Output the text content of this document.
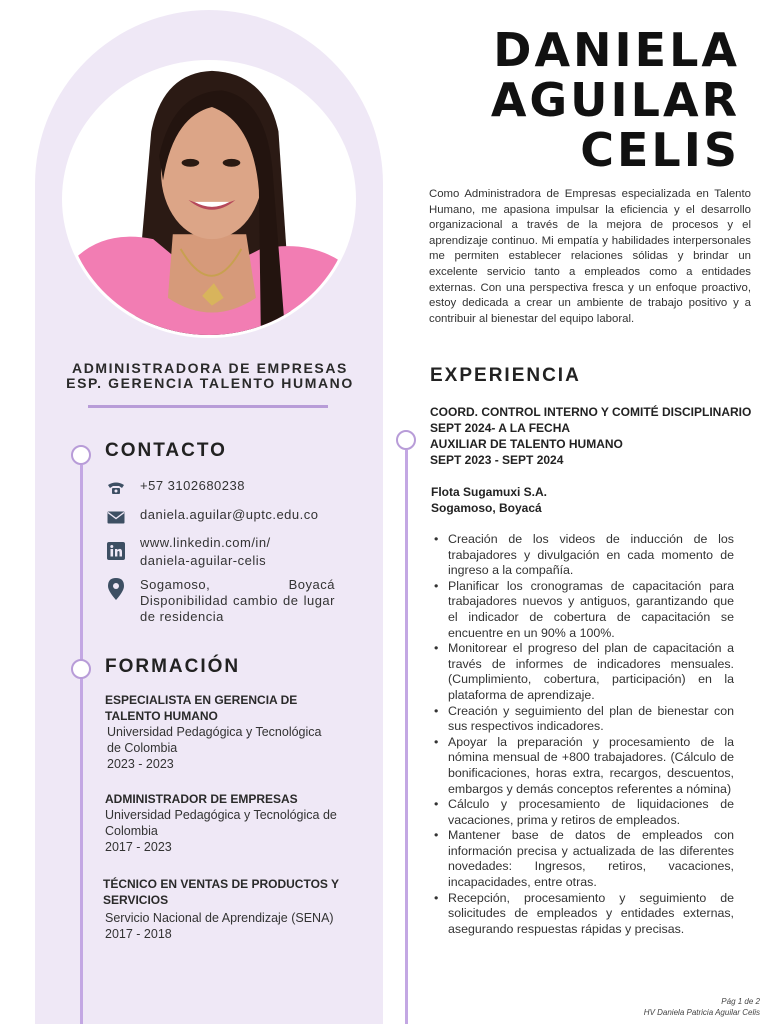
ADMINISTRADORA DE EMPRESAS
ESP. GERENCIA TALENTO HUMANO
CONTACTO
+57 3102680238
daniela.aguilar@uptc.edu.co
www.linkedin.com/in/
daniela-aguilar-celis
Sogamoso, Boyacá Disponibilidad cambio de lugar de residencia
FORMACIÓN
ESPECIALISTA EN GERENCIA DE TALENTO HUMANO
Universidad Pedagógica y Tecnológica de Colombia
2023 - 2023
ADMINISTRADOR DE EMPRESAS
Universidad Pedagógica y Tecnológica de Colombia
2017 - 2023
TÉCNICO EN VENTAS DE PRODUCTOS Y SERVICIOS
Servicio Nacional de Aprendizaje (SENA)
2017 - 2018
DANIELA
AGUILAR
CELIS
Como Administradora de Empresas especializada en Talento Humano, me apasiona impulsar la eficiencia y el desarrollo organizacional a través de la mejora de procesos y el aprendizaje continuo. Mi empatía y habilidades interpersonales me permiten establecer relaciones sólidas y brindar un excelente servicio tanto a empleados como a entidades externas. Con una perspectiva fresca y un enfoque proactivo, estoy dedicada a crear un ambiente de trabajo positivo y a contribuir al bienestar del equipo laboral.
EXPERIENCIA
COORD. CONTROL INTERNO Y COMITÉ DISCIPLINARIO
SEPT 2024- A LA FECHA
AUXILIAR DE TALENTO HUMANO
SEPT 2023 - SEPT 2024
Flota Sugamuxi S.A.
Sogamoso, Boyacá
• Creación de los videos de inducción de los trabajadores y divulgación en cada momento de ingreso a la compañía.
• Planificar los cronogramas de capacitación para trabajadores nuevos y antiguos, garantizando que el indicador de cobertura de capacitación se encuentre en un 90% a 100%.
• Monitorear el progreso del plan de capacitación a través de informes de indicadores mensuales. (Cumplimiento, cobertura, participación) en la plataforma de aprendizaje.
• Creación y seguimiento del plan de bienestar con sus respectivos indicadores.
• Apoyar la preparación y procesamiento de la nómina mensual de +800 trabajadores. (Cálculo de bonificaciones, horas extra, recargos, descuentos, embargos y demás conceptos referentes a nómina)
• Cálculo y procesamiento de liquidaciones de vacaciones, prima y retiros de empleados.
• Mantener base de datos de empleados con información precisa y actualizada de las diferentes novedades: Ingresos, retiros, vacaciones, incapacidades, entre otras.
• Recepción, procesamiento y seguimiento de solicitudes de empleados y entidades externas, asegurando respuestas rápidas y precisas.
Pág 1 de 2
HV Daniela Patricia Aguilar Celis
